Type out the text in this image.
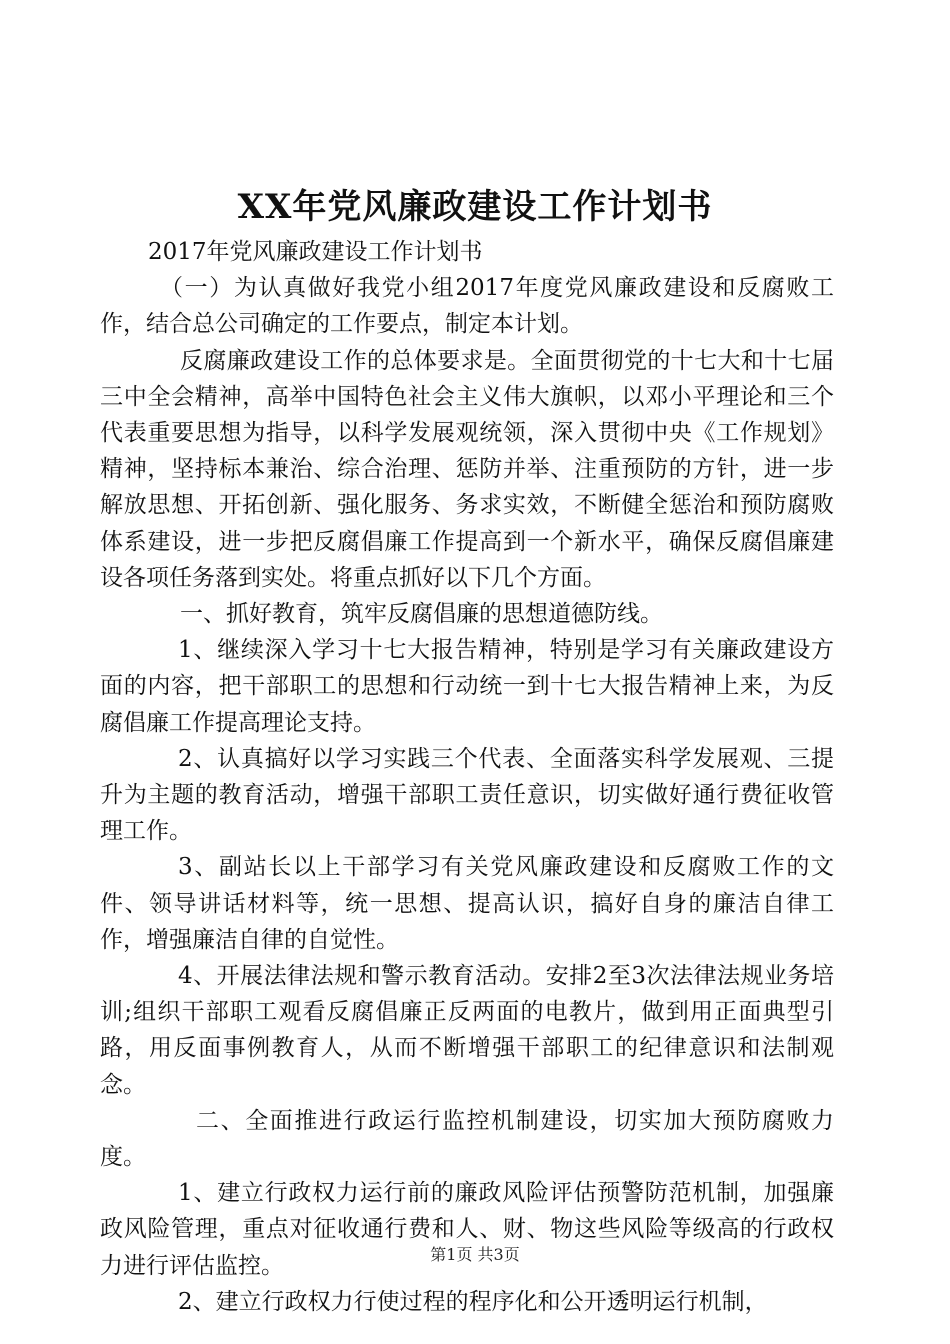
XX年党风廉政建设工作计划书

2017年党风廉政建设工作计划书

（一）为认真做好我党小组2017年度党风廉政建设和反腐败工作，结合总公司确定的工作要点，制定本计划。

反腐廉政建设工作的总体要求是。全面贯彻党的十七大和十七届三中全会精神，高举中国特色社会主义伟大旗帜，以邓小平理论和三个代表重要思想为指导，以科学发展观统领，深入贯彻中央《工作规划》精神，坚持标本兼治、综合治理、惩防并举、注重预防的方针，进一步解放思想、开拓创新、强化服务、务求实效，不断健全惩治和预防腐败体系建设，进一步把反腐倡廉工作提高到一个新水平，确保反腐倡廉建设各项任务落到实处。将重点抓好以下几个方面。

一、抓好教育，筑牢反腐倡廉的思想道德防线。

1、继续深入学习十七大报告精神，特别是学习有关廉政建设方面的内容，把干部职工的思想和行动统一到十七大报告精神上来，为反腐倡廉工作提高理论支持。

2、认真搞好以学习实践三个代表、全面落实科学发展观、三提升为主题的教育活动，增强干部职工责任意识，切实做好通行费征收管理工作。

3、副站长以上干部学习有关党风廉政建设和反腐败工作的文件、领导讲话材料等，统一思想、提高认识，搞好自身的廉洁自律工作，增强廉洁自律的自觉性。

4、开展法律法规和警示教育活动。安排2至3次法律法规业务培训;组织干部职工观看反腐倡廉正反两面的电教片，做到用正面典型引路，用反面事例教育人，从而不断增强干部职工的纪律意识和法制观念。

二、全面推进行政运行监控机制建设，切实加大预防腐败力度。

1、建立行政权力运行前的廉政风险评估预警防范机制，加强廉政风险管理，重点对征收通行费和人、财、物这些风险等级高的行政权力进行评估监控。

2、建立行政权力行使过程的程序化和公开透明运行机制，

第1页 共3页
